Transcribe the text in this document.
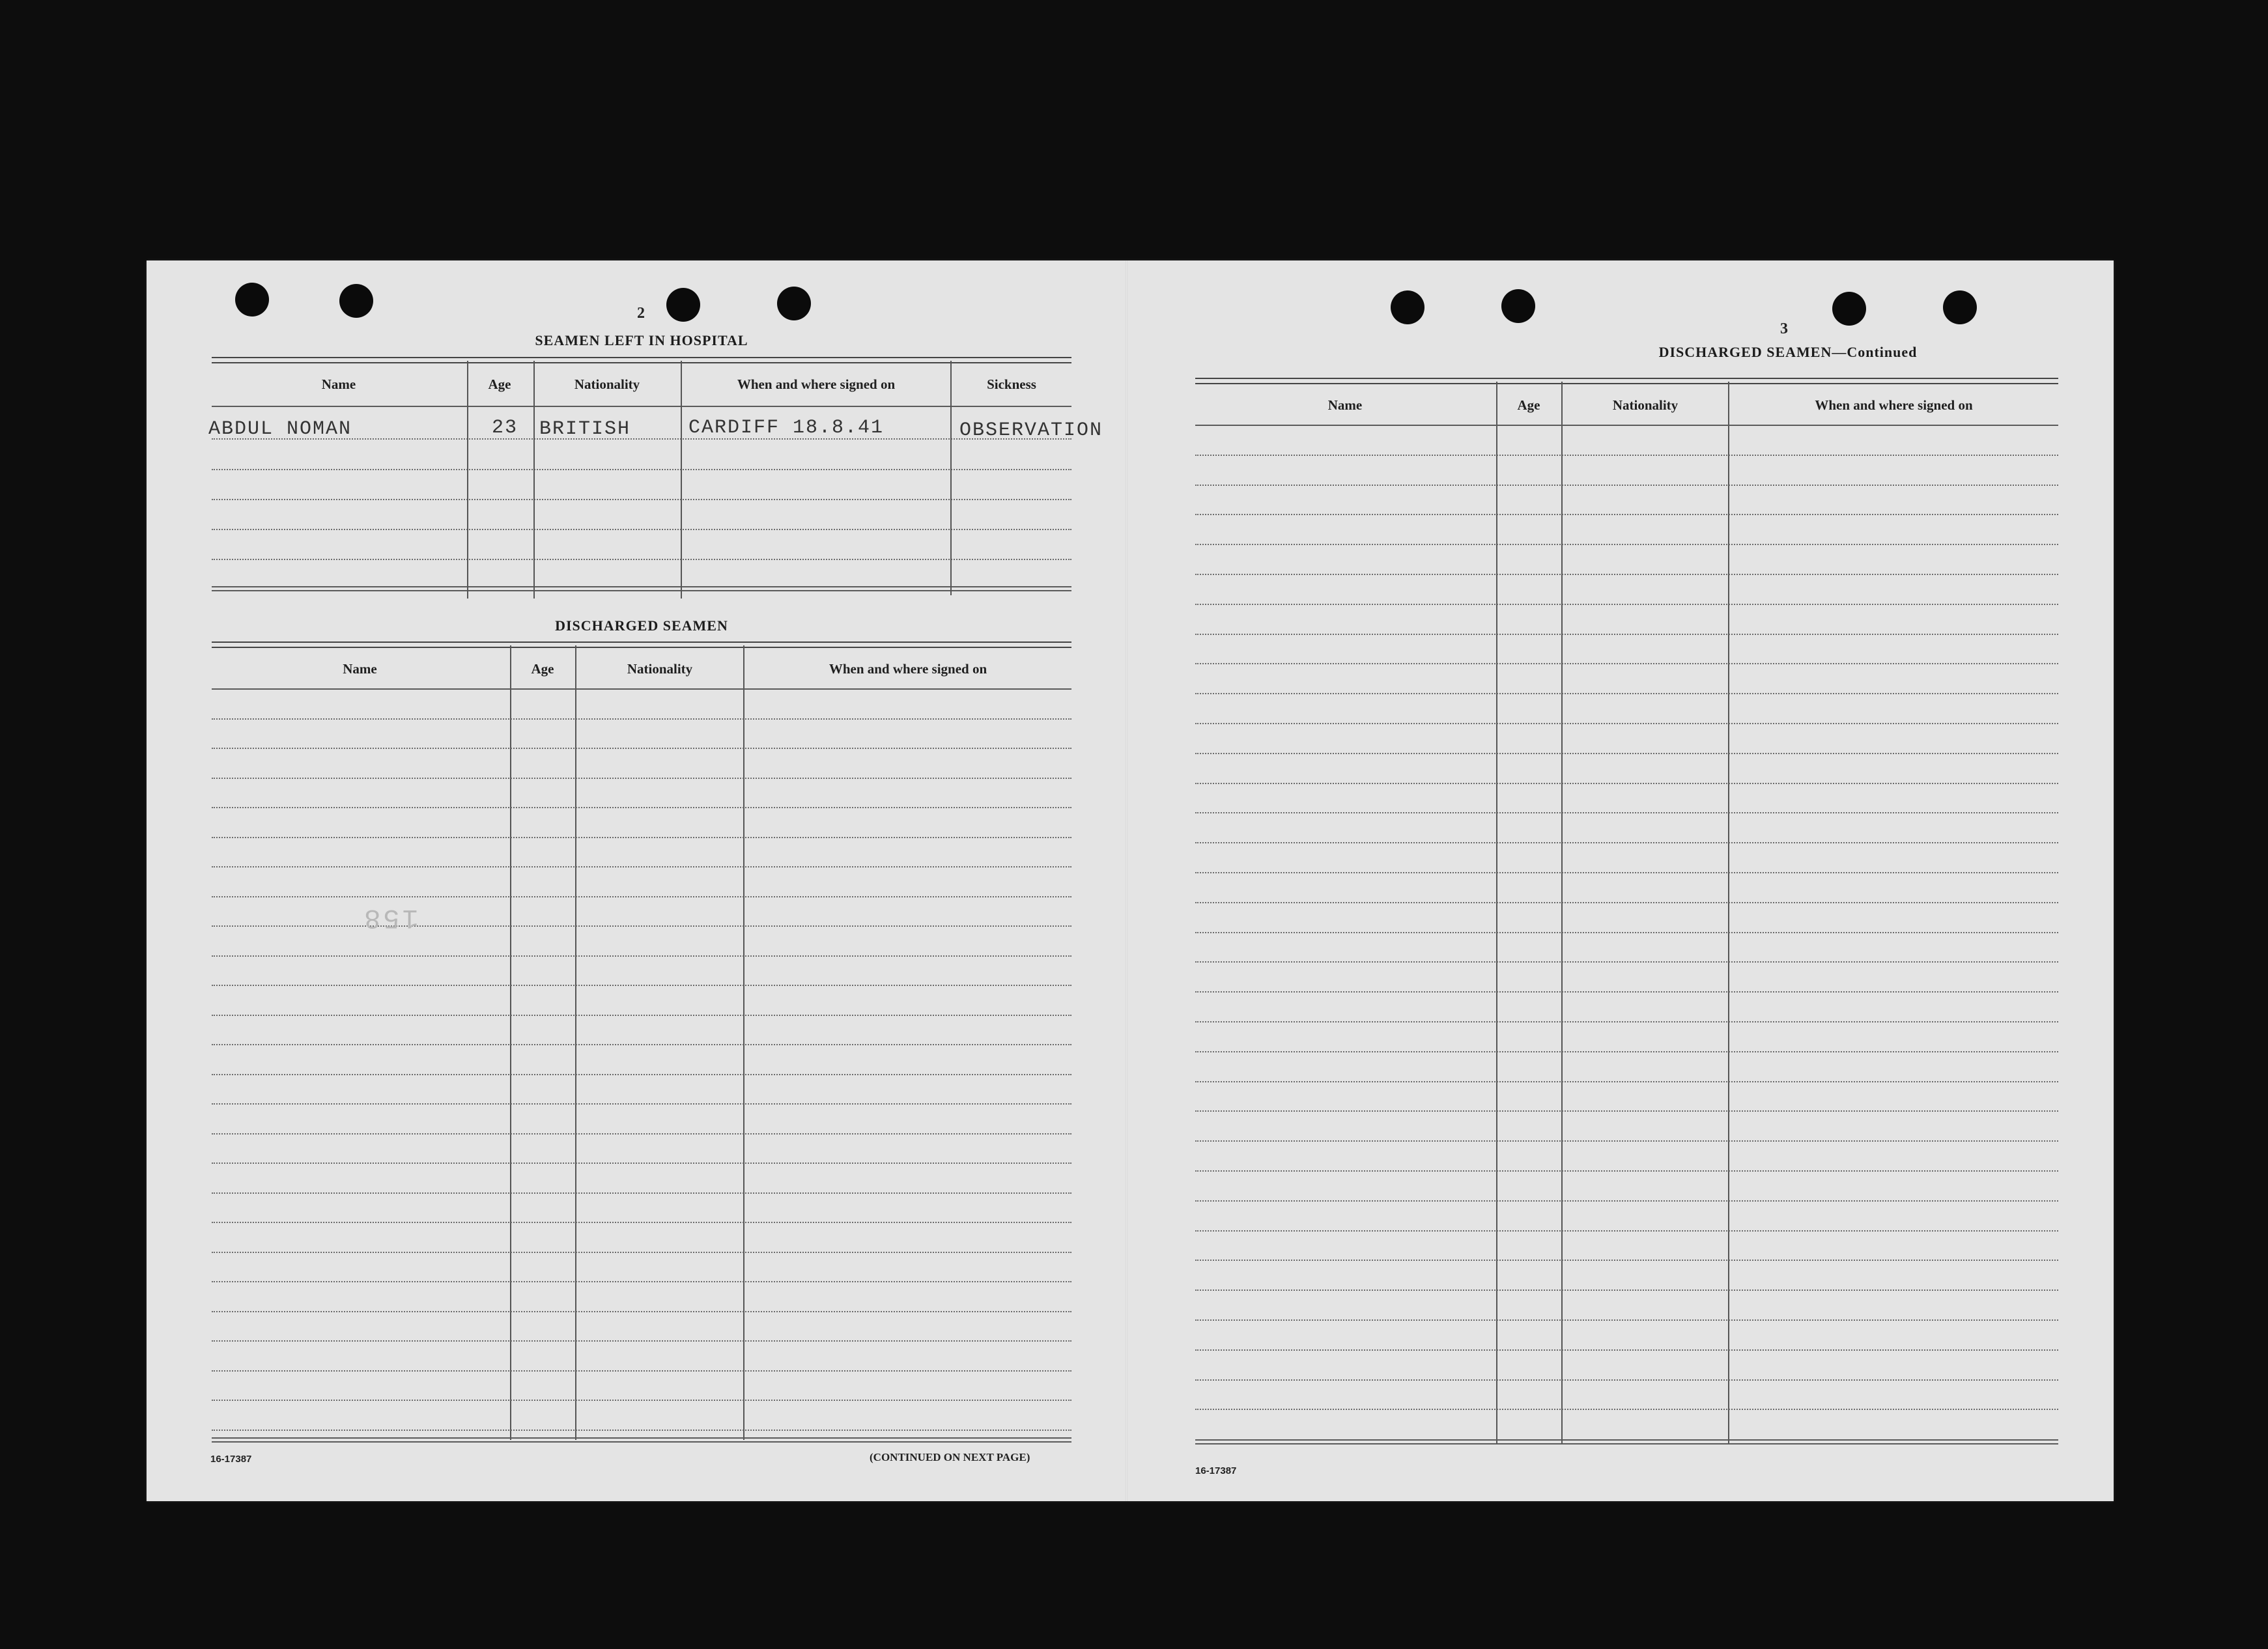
2
SEAMEN LEFT IN HOSPITAL
Name	Age	Nationality	When and where signed on	Sickness
ABDUL NOMAN	23 BRITISH	CARDIFF 18.8.41	OBSERVATION
DISCHARGED SEAMEN
Name	Age	Nationality	When and where signed on
158
16-17387	(CONTINUED ON NEXT PAGE)
3
DISCHARGED SEAMEN—Continued
Name	Age	Nationality	When and where signed on
16-17387
